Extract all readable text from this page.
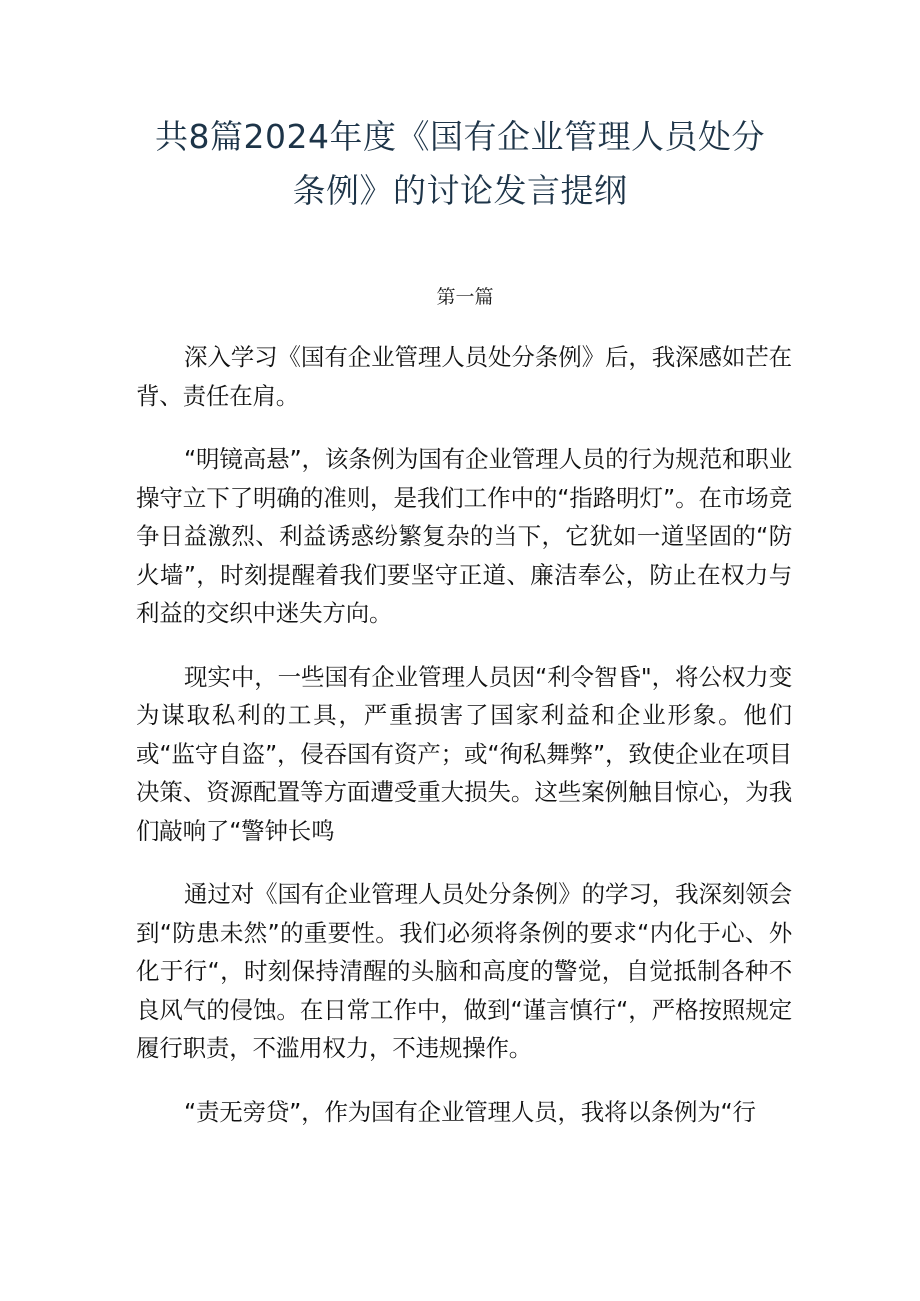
共8篇2024年度《国有企业管理人员处分
条例》的讨论发言提纲
第一篇

深入学习《国有企业管理人员处分条例》后，我深感如芒在背、责任在肩。

“明镜高悬”，该条例为国有企业管理人员的行为规范和职业操守立下了明确的准则，是我们工作中的“指路明灯”。在市场竞争日益激烈、利益诱惑纷繁复杂的当下，它犹如一道坚固的“防火墙”，时刻提醒着我们要坚守正道、廉洁奉公，防止在权力与利益的交织中迷失方向。

现实中，一些国有企业管理人员因“利令智昏"，将公权力变为谋取私利的工具，严重损害了国家利益和企业形象。他们或“监守自盗”，侵吞国有资产；或“徇私舞弊”，致使企业在项目决策、资源配置等方面遭受重大损失。这些案例触目惊心，为我们敲响了“警钟长鸣

通过对《国有企业管理人员处分条例》的学习，我深刻领会到“防患未然”的重要性。我们必须将条例的要求“内化于心、外化于行“，时刻保持清醒的头脑和高度的警觉，自觉抵制各种不良风气的侵蚀。在日常工作中，做到“谨言慎行“，严格按照规定履行职责，不滥用权力，不违规操作。

“责无旁贷”，作为国有企业管理人员，我将以条例为“行
